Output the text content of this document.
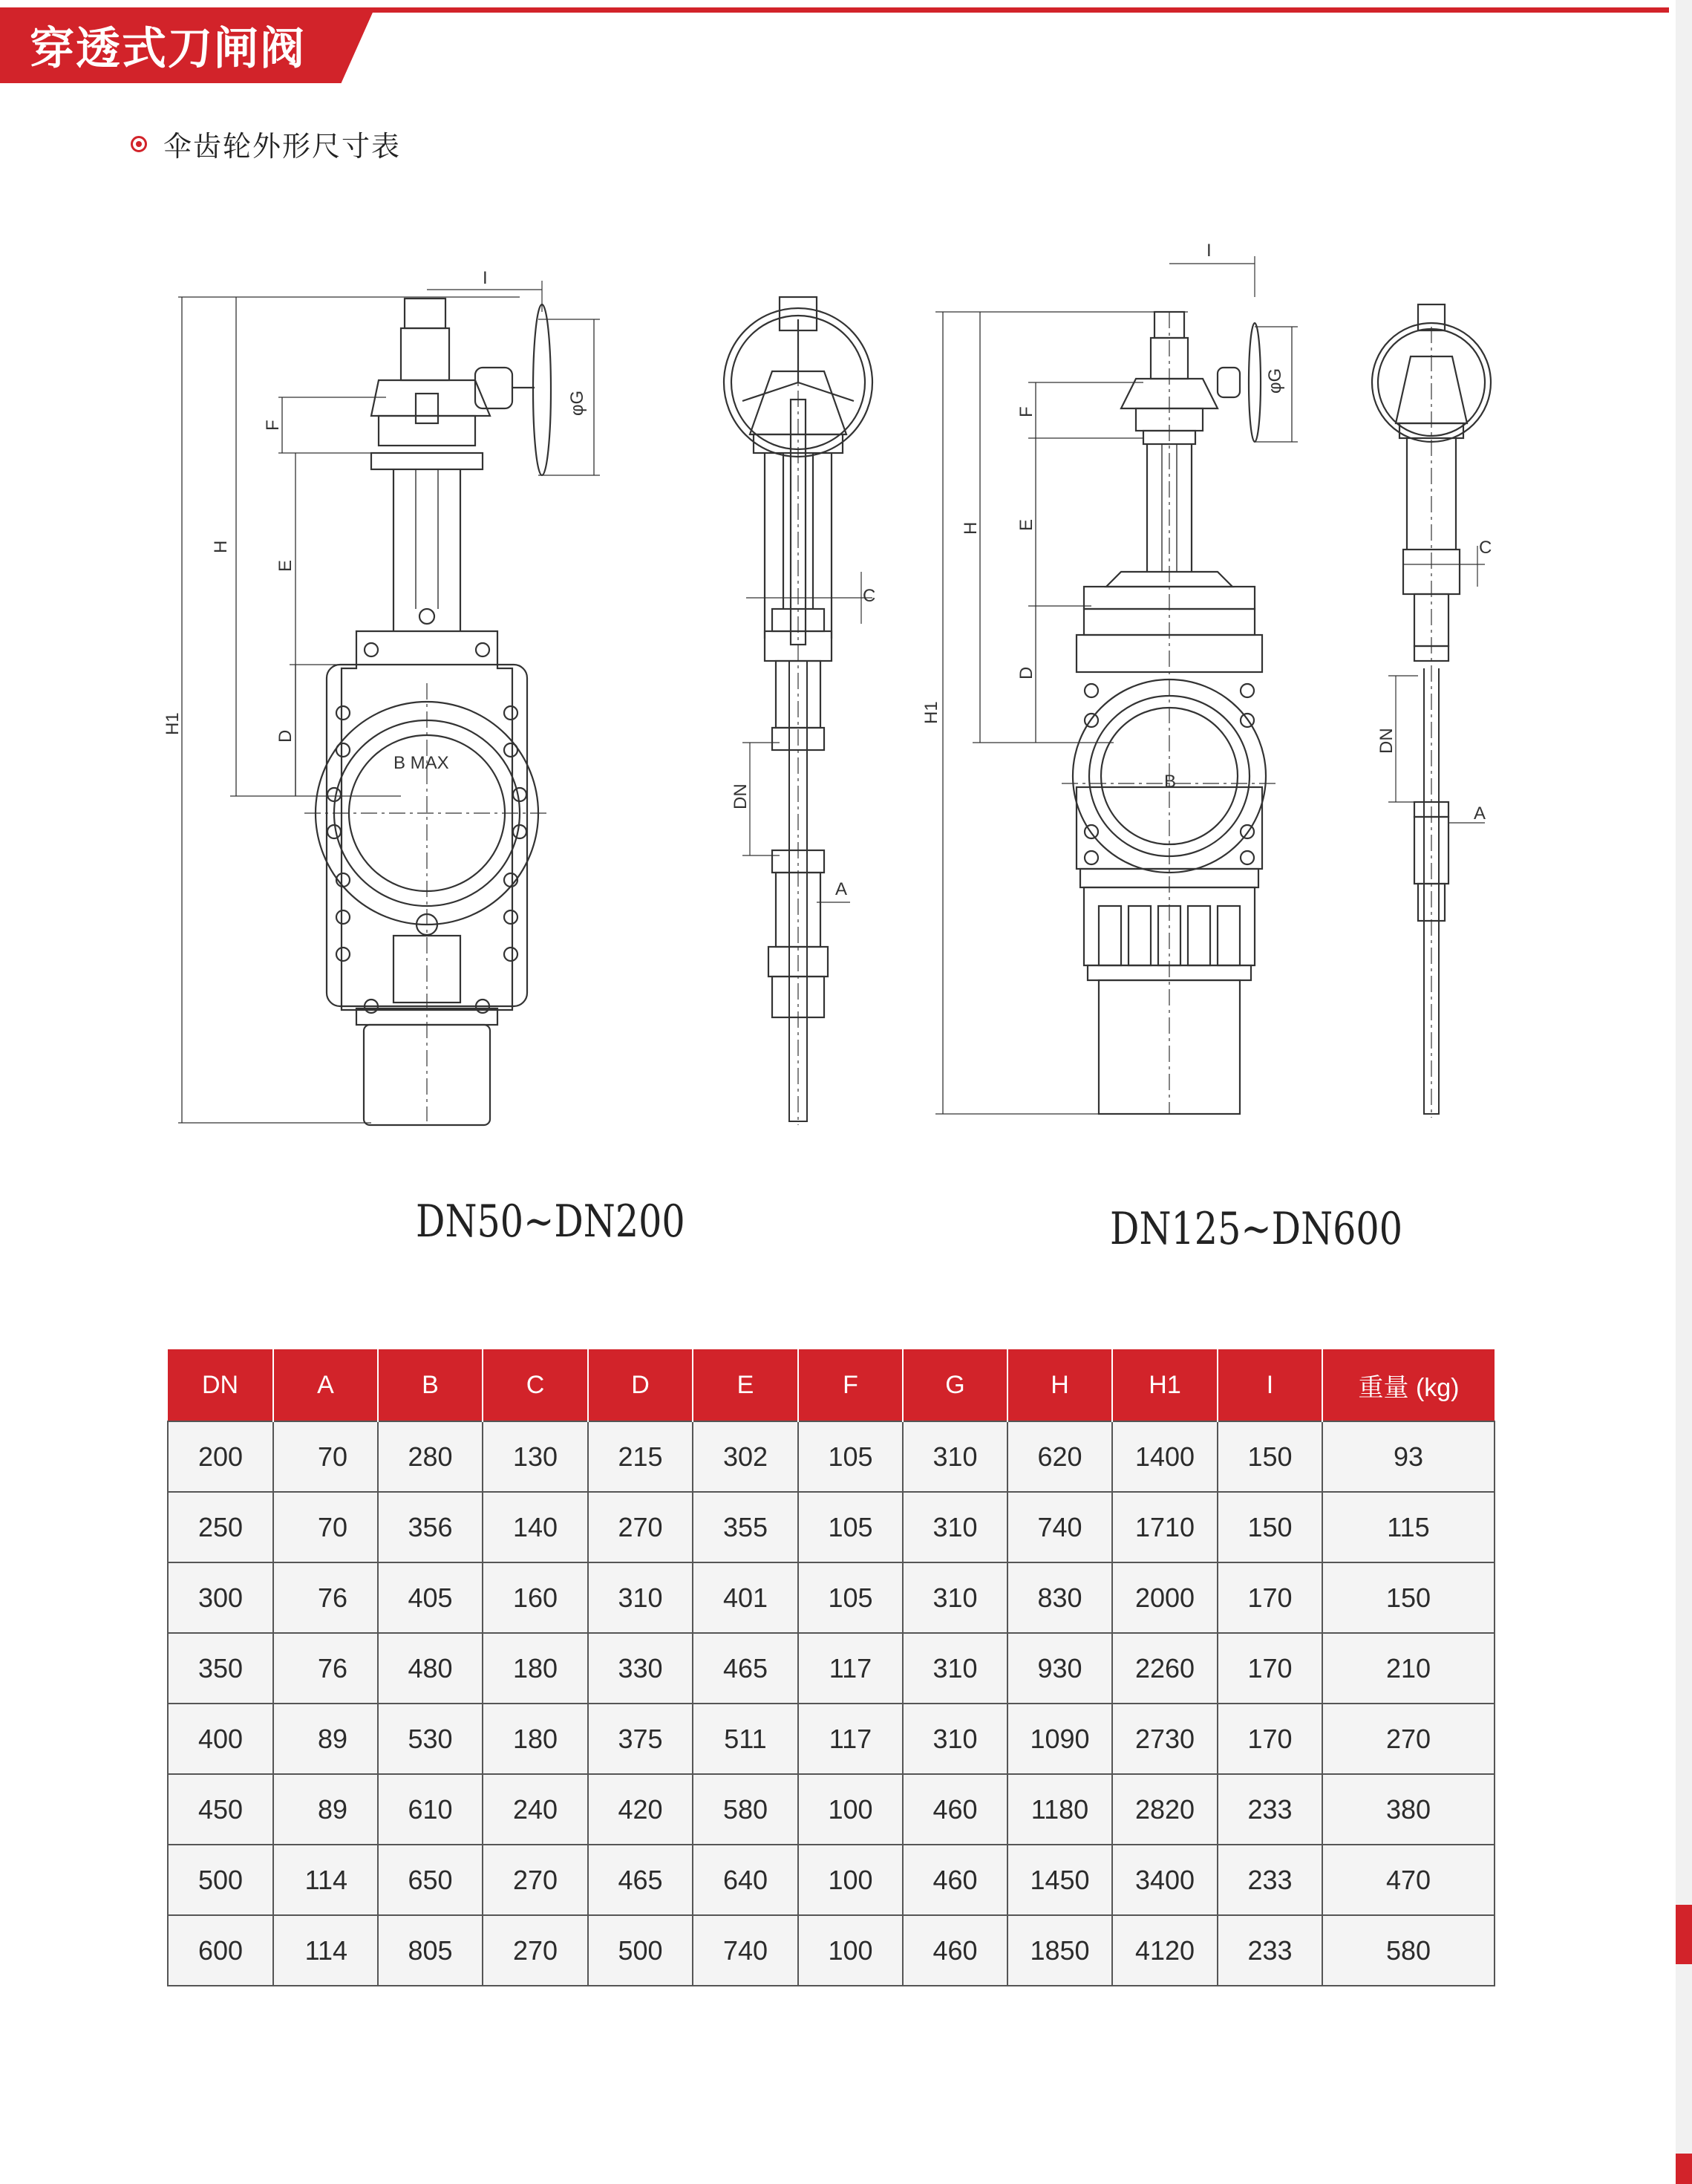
穿透式刀闸阀
伞齿轮外形尺寸表
I
F
H
E
H1
D
B MAX
φG
C
DN
A
I
F
H E
H1
D
B
φG
C
DN
A
DN50~DN200	DN125~DN600
DN	A	B	C	D	E	F	G	H	H1	I	重量 (kg)
200	70	280	130	215	302	105	310	620	1400	150	93
250	70	356	140	270	355	105	310	740	1710	150	115
300	76	405	160	310	401	105	310	830	2000	170	150
350	76	480	180	330	465	117	310	930	2260	170	210
400	89	530	180	375	511	117	310	1090	2730	170	270
450	89	610	240	420	580	100	460	1180	2820	233	380
500	114	650	270	465	640	100	460	1450	3400	233	470
600	114	805	270	500	740	100	460	1850	4120	233	580
